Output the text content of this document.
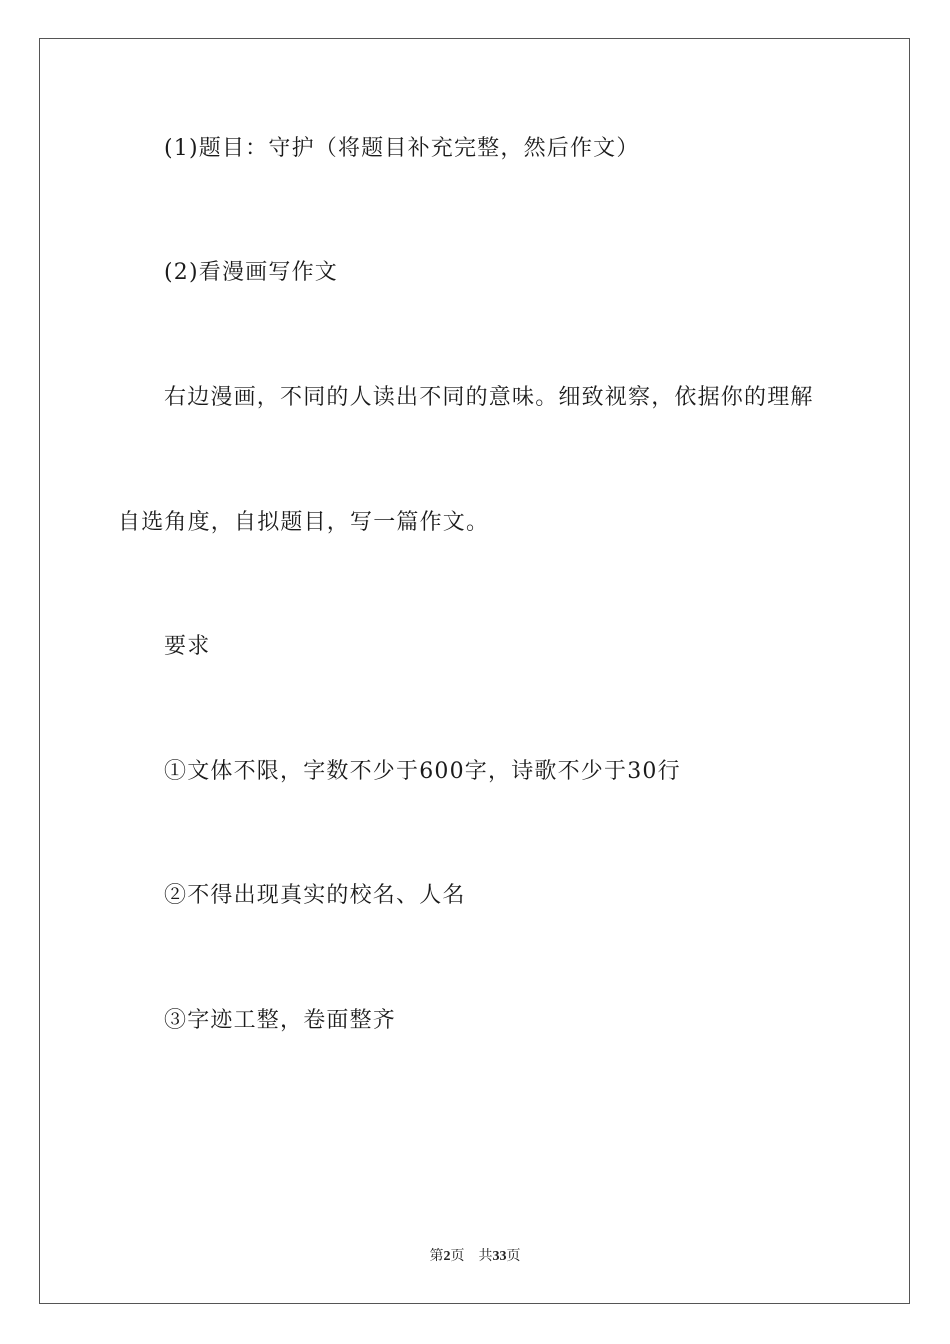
(1)题目：守护（将题目补充完整，然后作文）
(2)看漫画写作文
右边漫画，不同的人读出不同的意味。细致视察，依据你的理解
自选角度，自拟题目，写一篇作文。
要求
①文体不限，字数不少于600字，诗歌不少于30行
②不得出现真实的校名、人名
③字迹工整，卷面整齐
第2页 共33页
